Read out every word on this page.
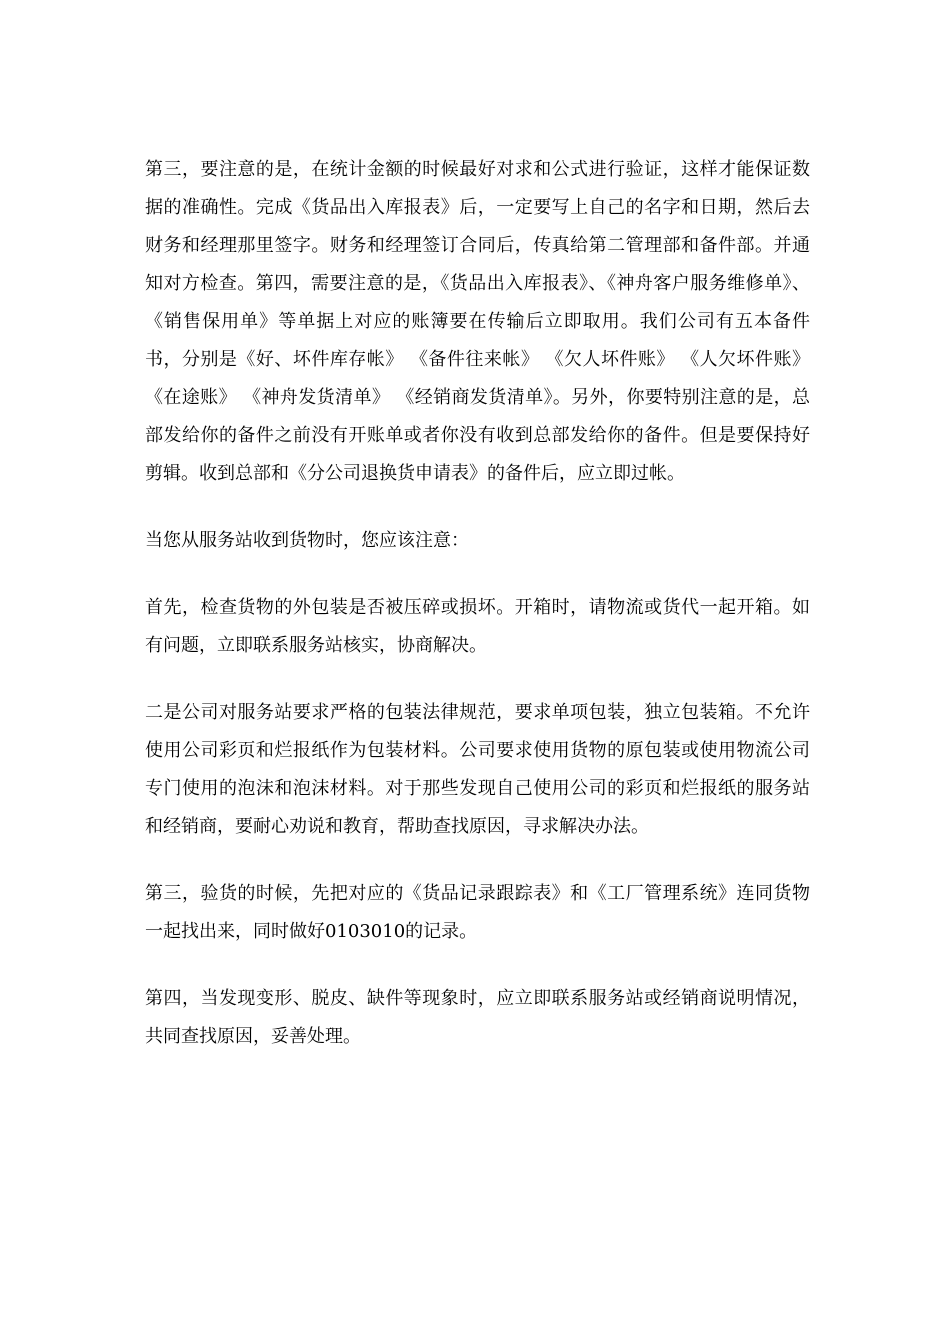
第三，要注意的是，在统计金额的时候最好对求和公式进行验证，这样才能保证数据的准确性。完成《货品出入库报表》后，一定要写上自己的名字和日期，然后去财务和经理那里签字。财务和经理签订合同后，传真给第二管理部和备件部。并通知对方检查。第四，需要注意的是，《货品出入库报表》、《神舟客户服务维修单》、《销售保用单》等单据上对应的账簿要在传输后立即取用。我们公司有五本备件书，分别是《好、坏件库存帐》 《备件往来帐》 《欠人坏件账》 《人欠坏件账》 《在途账》 《神舟发货清单》 《经销商发货清单》。另外，你要特别注意的是，总部发给你的备件之前没有开账单或者你没有收到总部发给你的备件。但是要保持好剪辑。收到总部和《分公司退换货申请表》的备件后，应立即过帐。

当您从服务站收到货物时，您应该注意：

首先，检查货物的外包装是否被压碎或损坏。开箱时，请物流或货代一起开箱。如有问题，立即联系服务站核实，协商解决。

二是公司对服务站要求严格的包装法律规范，要求单项包装，独立包装箱。不允许使用公司彩页和烂报纸作为包装材料。公司要求使用货物的原包装或使用物流公司专门使用的泡沫和泡沫材料。对于那些发现自己使用公司的彩页和烂报纸的服务站和经销商，要耐心劝说和教育，帮助查找原因，寻求解决办法。

第三，验货的时候，先把对应的《货品记录跟踪表》和《工厂管理系统》连同货物一起找出来，同时做好0103010的记录。

第四，当发现变形、脱皮、缺件等现象时，应立即联系服务站或经销商说明情况，共同查找原因，妥善处理。
